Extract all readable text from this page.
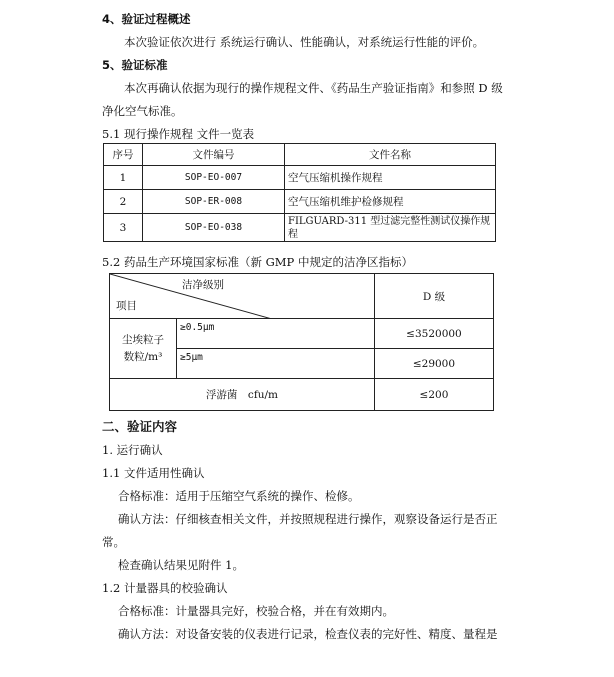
4、验证过程概述
本次验证依次进行 系统运行确认、性能确认，对系统运行性能的评价。
5、验证标准
本次再确认依据为现行的操作规程文件、《药品生产验证指南》和参照 D 级
净化空气标准。
5.1 现行操作规程 文件一览表
序号	文件编号	文件名称
1	SOP-EO-007	空气压缩机操作规程
2	SOP-ER-008	空气压缩机维护检修规程
3	SOP-EO-038	FILGUARD-311 型过滤完整性测试仪操作规
程
5.2 药品生产环境国家标准（新 GMP 中规定的洁净区指标）
洁净级别
项目		D 级

尘埃粒子
数粒/m³	≥0.5μm	≤3520000
	≥5μm	≤29000
浮游菌　cfu/m		≤200
二、验证内容
1. 运行确认
1.1 文件适用性确认
合格标准：适用于压缩空气系统的操作、检修。
确认方法：仔细核查相关文件，并按照规程进行操作，观察设备运行是否正
常。
检查确认结果见附件 1。
1.2 计量器具的校验确认
合格标准：计量器具完好，校验合格，并在有效期内。
确认方法：对设备安装的仪表进行记录，检查仪表的完好性、精度、量程是
